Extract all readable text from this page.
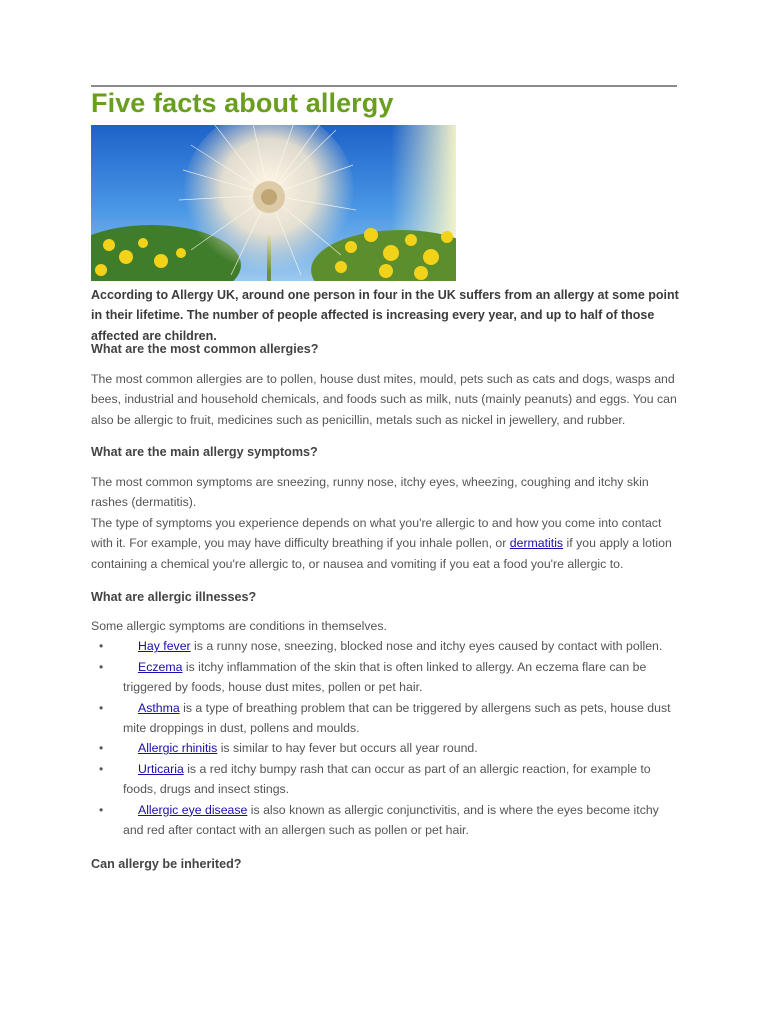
Five facts about allergy
According to Allergy UK, around one person in four in the UK suffers from an allergy at some point in their lifetime. The number of people affected is increasing every year, and up to half of those affected are children.
What are the most common allergies?

The most common allergies are to pollen, house dust mites, mould, pets such as cats and dogs, wasps and bees, industrial and household chemicals, and foods such as milk, nuts (mainly peanuts) and eggs. You can also be allergic to fruit, medicines such as penicillin, metals such as nickel in jewellery, and rubber.

What are the main allergy symptoms?

The most common symptoms are sneezing, runny nose, itchy eyes, wheezing, coughing and itchy skin rashes (dermatitis).

The type of symptoms you experience depends on what you're allergic to and how you come into contact with it. For example, you may have difficulty breathing if you inhale pollen, or dermatitis if you apply a lotion containing a chemical you're allergic to, or nausea and vomiting if you eat a food you're allergic to.

What are allergic illnesses?

Some allergic symptoms are conditions in themselves.

•	Hay fever is a runny nose, sneezing, blocked nose and itchy eyes caused by contact with pollen.
•	Eczema is itchy inflammation of the skin that is often linked to allergy. An eczema flare can be triggered by foods, house dust mites, pollen or pet hair.
•	Asthma is a type of breathing problem that can be triggered by allergens such as pets, house dust mite droppings in dust, pollens and moulds.
•	Allergic rhinitis is similar to hay fever but occurs all year round.
•	Urticaria is a red itchy bumpy rash that can occur as part of an allergic reaction, for example to foods, drugs and insect stings.
•	Allergic eye disease is also known as allergic conjunctivitis, and is where the eyes become itchy and red after contact with an allergen such as pollen or pet hair.
Can allergy be inherited?
